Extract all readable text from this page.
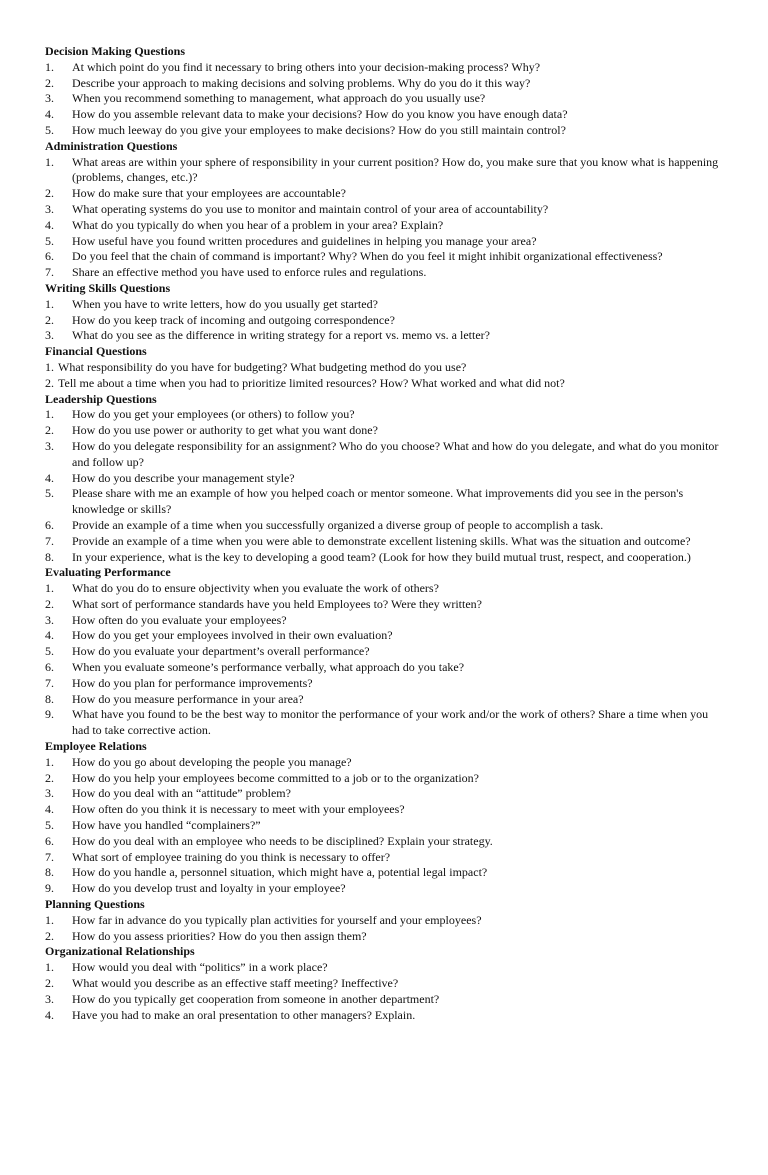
Decision Making Questions
1. At which point do you find it necessary to bring others into your decision-making process? Why?
2. Describe your approach to making decisions and solving problems. Why do you do it this way?
3. When you recommend something to management, what approach do you usually use?
4. How do you assemble relevant data to make your decisions? How do you know you have enough data?
5. How much leeway do you give your employees to make decisions? How do you still maintain control?
Administration Questions
1. What areas are within your sphere of responsibility in your current position? How do, you make sure that you know what is happening (problems, changes, etc.)?
2. How do make sure that your employees are accountable?
3. What operating systems do you use to monitor and maintain control of your area of accountability?
4. What do you typically do when you hear of a problem in your area? Explain?
5. How useful have you found written procedures and guidelines in helping you manage your area?
6. Do you feel that the chain of command is important? Why? When do you feel it might inhibit organizational effectiveness?
7. Share an effective method you have used to enforce rules and regulations.
Writing Skills Questions
1. When you have to write letters, how do you usually get started?
2. How do you keep track of incoming and outgoing correspondence?
3. What do you see as the difference in writing strategy for a report vs. memo vs. a letter?
Financial Questions
1. What responsibility do you have for budgeting? What budgeting method do you use?
2. Tell me about a time when you had to prioritize limited resources? How? What worked and what did not?
Leadership Questions
1. How do you get your employees (or others) to follow you?
2. How do you use power or authority to get what you want done?
3. How do you delegate responsibility for an assignment? Who do you choose? What and how do you delegate, and what do you monitor and follow up?
4. How do you describe your management style?
5. Please share with me an example of how you helped coach or mentor someone. What improvements did you see in the person's knowledge or skills?
6. Provide an example of a time when you successfully organized a diverse group of people to accomplish a task.
7. Provide an example of a time when you were able to demonstrate excellent listening skills. What was the situation and outcome?
8. In your experience, what is the key to developing a good team? (Look for how they build mutual trust, respect, and cooperation.)
Evaluating Performance
1. What do you do to ensure objectivity when you evaluate the work of others?
2. What sort of performance standards have you held Employees to? Were they written?
3. How often do you evaluate your employees?
4. How do you get your employees involved in their own evaluation?
5. How do you evaluate your department’s overall performance?
6. When you evaluate someone’s performance verbally, what approach do you take?
7. How do you plan for performance improvements?
8. How do you measure performance in your area?
9. What have you found to be the best way to monitor the performance of your work and/or the work of others? Share a time when you had to take corrective action.
Employee Relations
1. How do you go about developing the people you manage?
2. How do you help your employees become committed to a job or to the organization?
3. How do you deal with an “attitude” problem?
4. How often do you think it is necessary to meet with your employees?
5. How have you handled “complainers?”
6. How do you deal with an employee who needs to be disciplined? Explain your strategy.
7. What sort of employee training do you think is necessary to offer?
8. How do you handle a, personnel situation, which might have a, potential legal impact?
9. How do you develop trust and loyalty in your employee?
Planning Questions
1. How far in advance do you typically plan activities for yourself and your employees?
2. How do you assess priorities? How do you then assign them?
Organizational Relationships
1. How would you deal with “politics” in a work place?
2. What would you describe as an effective staff meeting? Ineffective?
3. How do you typically get cooperation from someone in another department?
4. Have you had to make an oral presentation to other managers? Explain.
